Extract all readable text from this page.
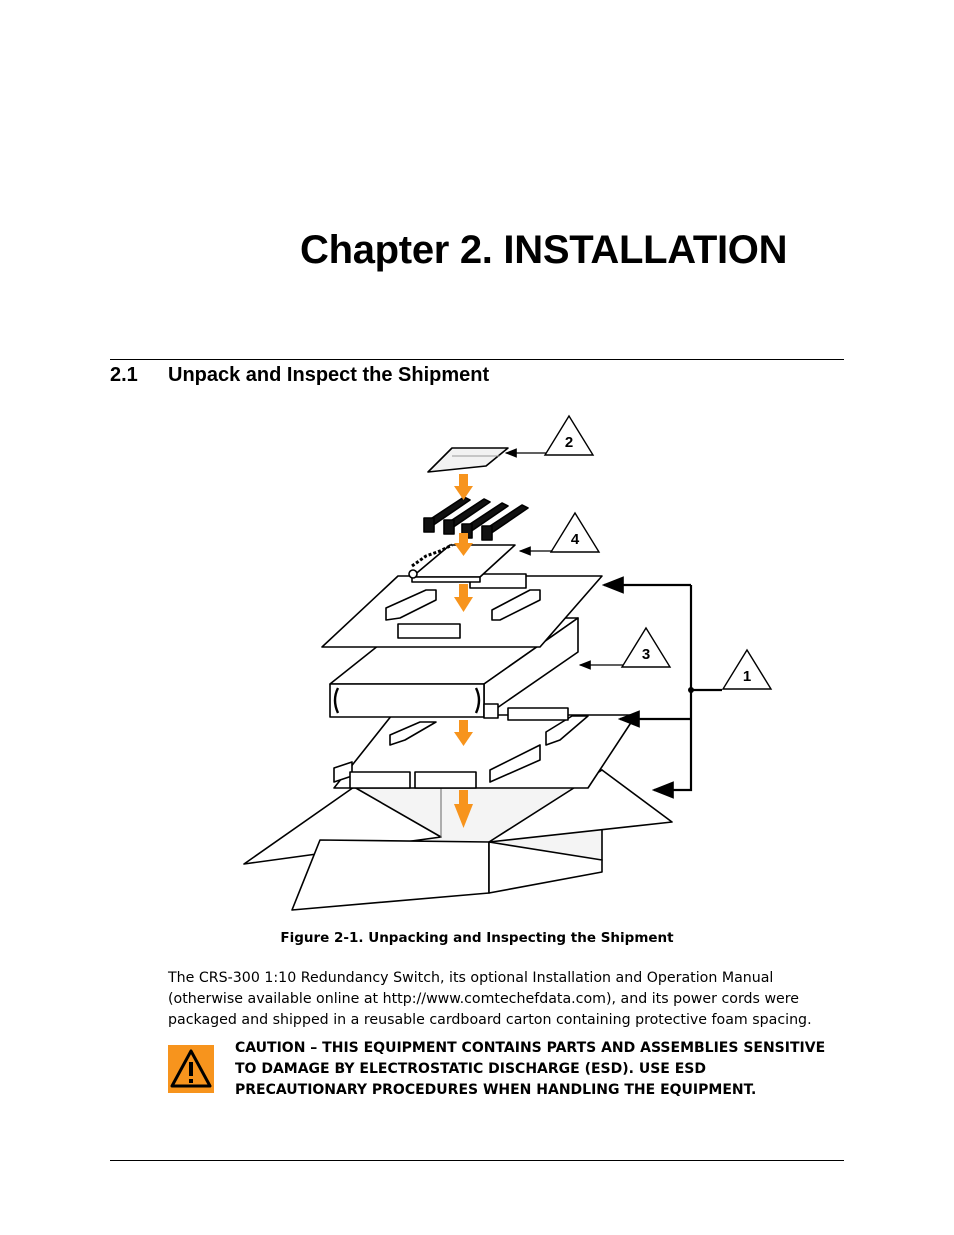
Chapter 2. INSTALLATION
2.1 Unpack and Inspect the Shipment
2
4
3
1
Figure 2-1. Unpacking and Inspecting the Shipment

The CRS-300 1:10 Redundancy Switch, its optional Installation and Operation Manual (otherwise available online at http://www.comtechefdata.com), and its power cords were packaged and shipped in a reusable cardboard carton containing protective foam spacing.

CAUTION – THIS EQUIPMENT CONTAINS PARTS AND ASSEMBLIES SENSITIVE TO DAMAGE BY ELECTROSTATIC DISCHARGE (ESD). USE ESD PRECAUTIONARY PROCEDURES WHEN HANDLING THE EQUIPMENT.
